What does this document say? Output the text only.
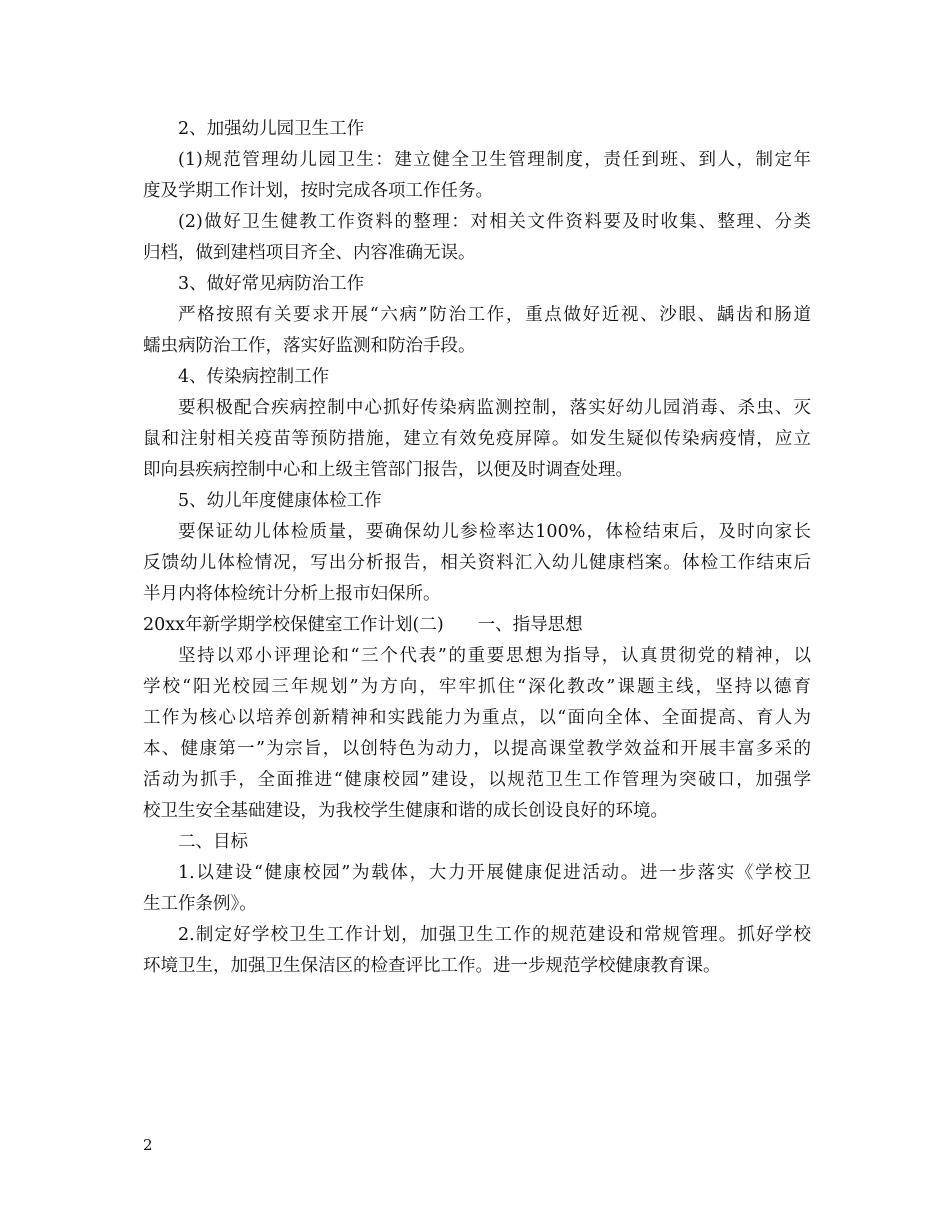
2、加强幼儿园卫生工作
(1)规范管理幼儿园卫生：建立健全卫生管理制度，责任到班、到人，制定年
度及学期工作计划，按时完成各项工作任务。
(2)做好卫生健教工作资料的整理：对相关文件资料要及时收集、整理、分类
归档，做到建档项目齐全、内容准确无误。
3、做好常见病防治工作
严格按照有关要求开展“六病”防治工作，重点做好近视、沙眼、龋齿和肠道
蠕虫病防治工作，落实好监测和防治手段。
4、传染病控制工作
要积极配合疾病控制中心抓好传染病监测控制，落实好幼儿园消毒、杀虫、灭
鼠和注射相关疫苗等预防措施，建立有效免疫屏障。如发生疑似传染病疫情，应立
即向县疾病控制中心和上级主管部门报告，以便及时调查处理。
5、幼儿年度健康体检工作
要保证幼儿体检质量，要确保幼儿参检率达100%，体检结束后，及时向家长
反馈幼儿体检情况，写出分析报告，相关资料汇入幼儿健康档案。体检工作结束后
半月内将体检统计分析上报市妇保所。
20xx年新学期学校保健室工作计划(二) 一、指导思想
坚持以邓小评理论和“三个代表”的重要思想为指导，认真贯彻党的精神，以
学校“阳光校园三年规划”为方向，牢牢抓住“深化教改”课题主线，坚持以德育
工作为核心以培养创新精神和实践能力为重点，以“面向全体、全面提高、育人为
本、健康第一”为宗旨，以创特色为动力，以提高课堂教学效益和开展丰富多采的
活动为抓手，全面推进“健康校园”建设，以规范卫生工作管理为突破口，加强学
校卫生安全基础建设，为我校学生健康和谐的成长创设良好的环境。
二、目标
1.以建设“健康校园”为载体，大力开展健康促进活动。进一步落实《学校卫
生工作条例》。
2.制定好学校卫生工作计划，加强卫生工作的规范建设和常规管理。抓好学校
环境卫生，加强卫生保洁区的检查评比工作。进一步规范学校健康教育课。
2
